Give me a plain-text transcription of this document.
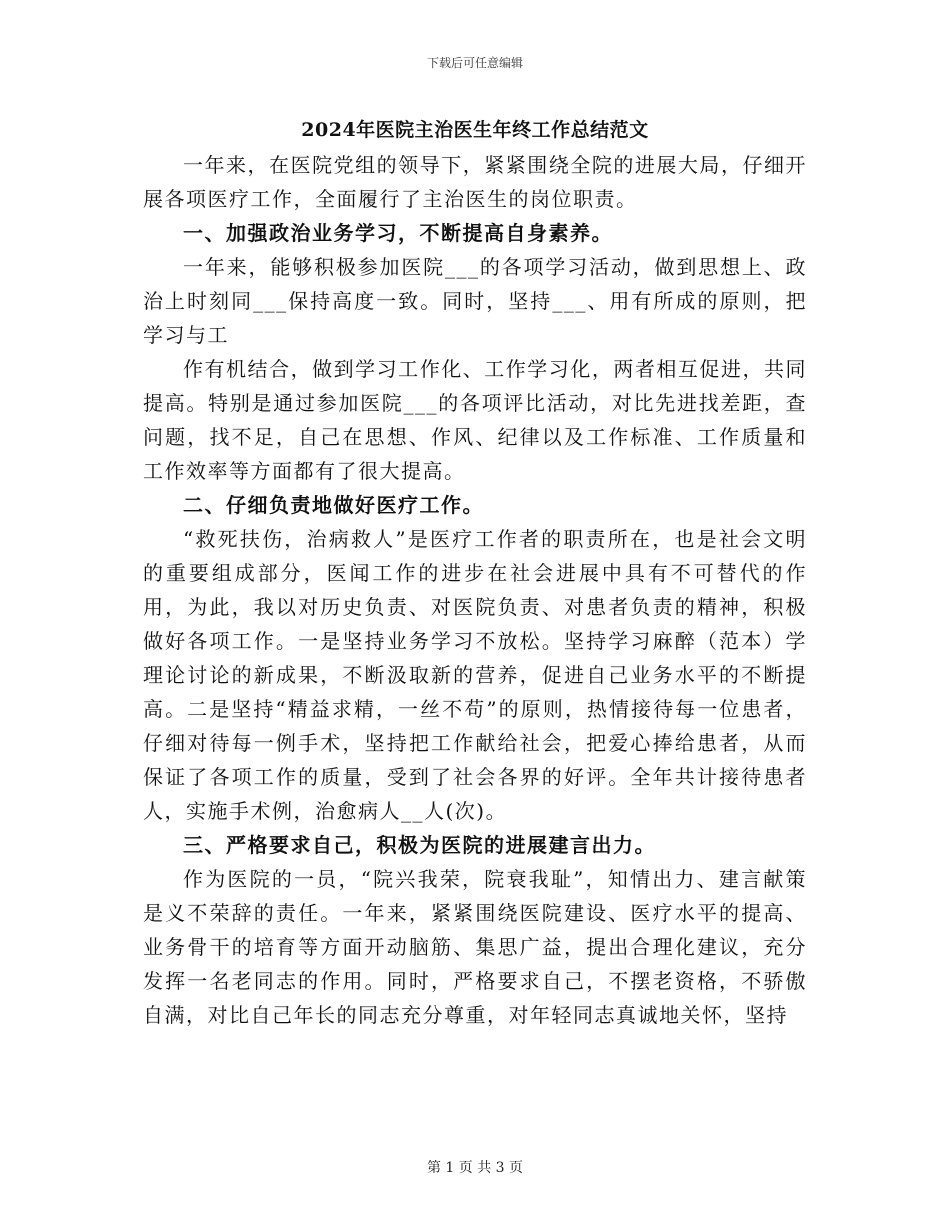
下载后可任意编辑
2024年医院主治医生年终工作总结范文

一年来，在医院党组的领导下，紧紧围绕全院的进展大局，仔细开展各项医疗工作，全面履行了主治医生的岗位职责。

一、加强政治业务学习，不断提高自身素养。

一年来，能够积极参加医院___的各项学习活动，做到思想上、政治上时刻同___保持高度一致。同时，坚持___、用有所成的原则，把学习与工

作有机结合，做到学习工作化、工作学习化，两者相互促进，共同提高。特别是通过参加医院___的各项评比活动，对比先进找差距，查问题，找不足，自己在思想、作风、纪律以及工作标准、工作质量和工作效率等方面都有了很大提高。

二、仔细负责地做好医疗工作。

“救死扶伤，治病救人”是医疗工作者的职责所在，也是社会文明的重要组成部分，医闻工作的进步在社会进展中具有不可替代的作用，为此，我以对历史负责、对医院负责、对患者负责的精神，积极做好各项工作。一是坚持业务学习不放松。坚持学习麻醉（范本）学理论讨论的新成果，不断汲取新的营养，促进自己业务水平的不断提高。二是坚持“精益求精，一丝不苟”的原则，热情接待每一位患者，仔细对待每一例手术，坚持把工作献给社会，把爱心捧给患者，从而保证了各项工作的质量，受到了社会各界的好评。全年共计接待患者人，实施手术例，治愈病人__人(次)。

三、严格要求自己，积极为医院的进展建言出力。

作为医院的一员，“院兴我荣，院衰我耻”，知情出力、建言献策是义不荣辞的责任。一年来，紧紧围绕医院建设、医疗水平的提高、业务骨干的培育等方面开动脑筋、集思广益，提出合理化建议，充分发挥一名老同志的作用。同时，严格要求自己，不摆老资格，不骄傲自满，对比自己年长的同志充分尊重，对年轻同志真诚地关怀，坚持

第 1 页 共 3 页
